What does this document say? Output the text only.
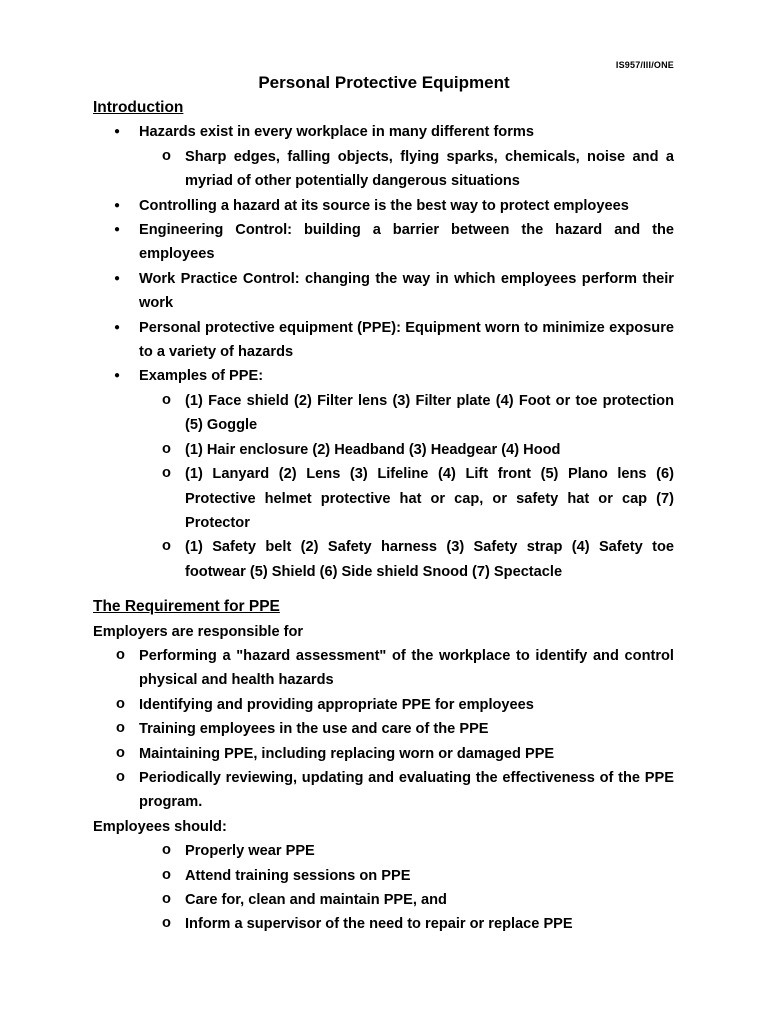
IS957/III/ONE
Personal Protective Equipment
Introduction
● Hazards exist in every workplace in many different forms
o Sharp edges, falling objects, flying sparks, chemicals, noise and a myriad of other potentially dangerous situations
● Controlling a hazard at its source is the best way to protect employees
● Engineering Control: building a barrier between the hazard and the employees
● Work Practice Control: changing the way in which employees perform their work
● Personal protective equipment (PPE): Equipment worn to minimize exposure to a variety of hazards
● Examples of PPE:
o (1) Face shield (2) Filter lens (3) Filter plate (4) Foot or toe protection (5) Goggle
o (1) Hair enclosure (2) Headband (3) Headgear (4) Hood
o (1) Lanyard (2) Lens (3) Lifeline (4) Lift front (5) Plano lens (6) Protective helmet protective hat or cap, or safety hat or cap (7) Protector
o (1) Safety belt (2) Safety harness (3) Safety strap (4) Safety toe footwear (5) Shield (6) Side shield Snood (7) Spectacle
The Requirement for PPE
Employers are responsible for
o Performing a "hazard assessment" of the workplace to identify and control physical and health hazards
o Identifying and providing appropriate PPE for employees
o Training employees in the use and care of the PPE
o Maintaining PPE, including replacing worn or damaged PPE
o Periodically reviewing, updating and evaluating the effectiveness of the PPE program.
Employees should:
o Properly wear PPE
o Attend training sessions on PPE
o Care for, clean and maintain PPE, and
o Inform a supervisor of the need to repair or replace PPE
